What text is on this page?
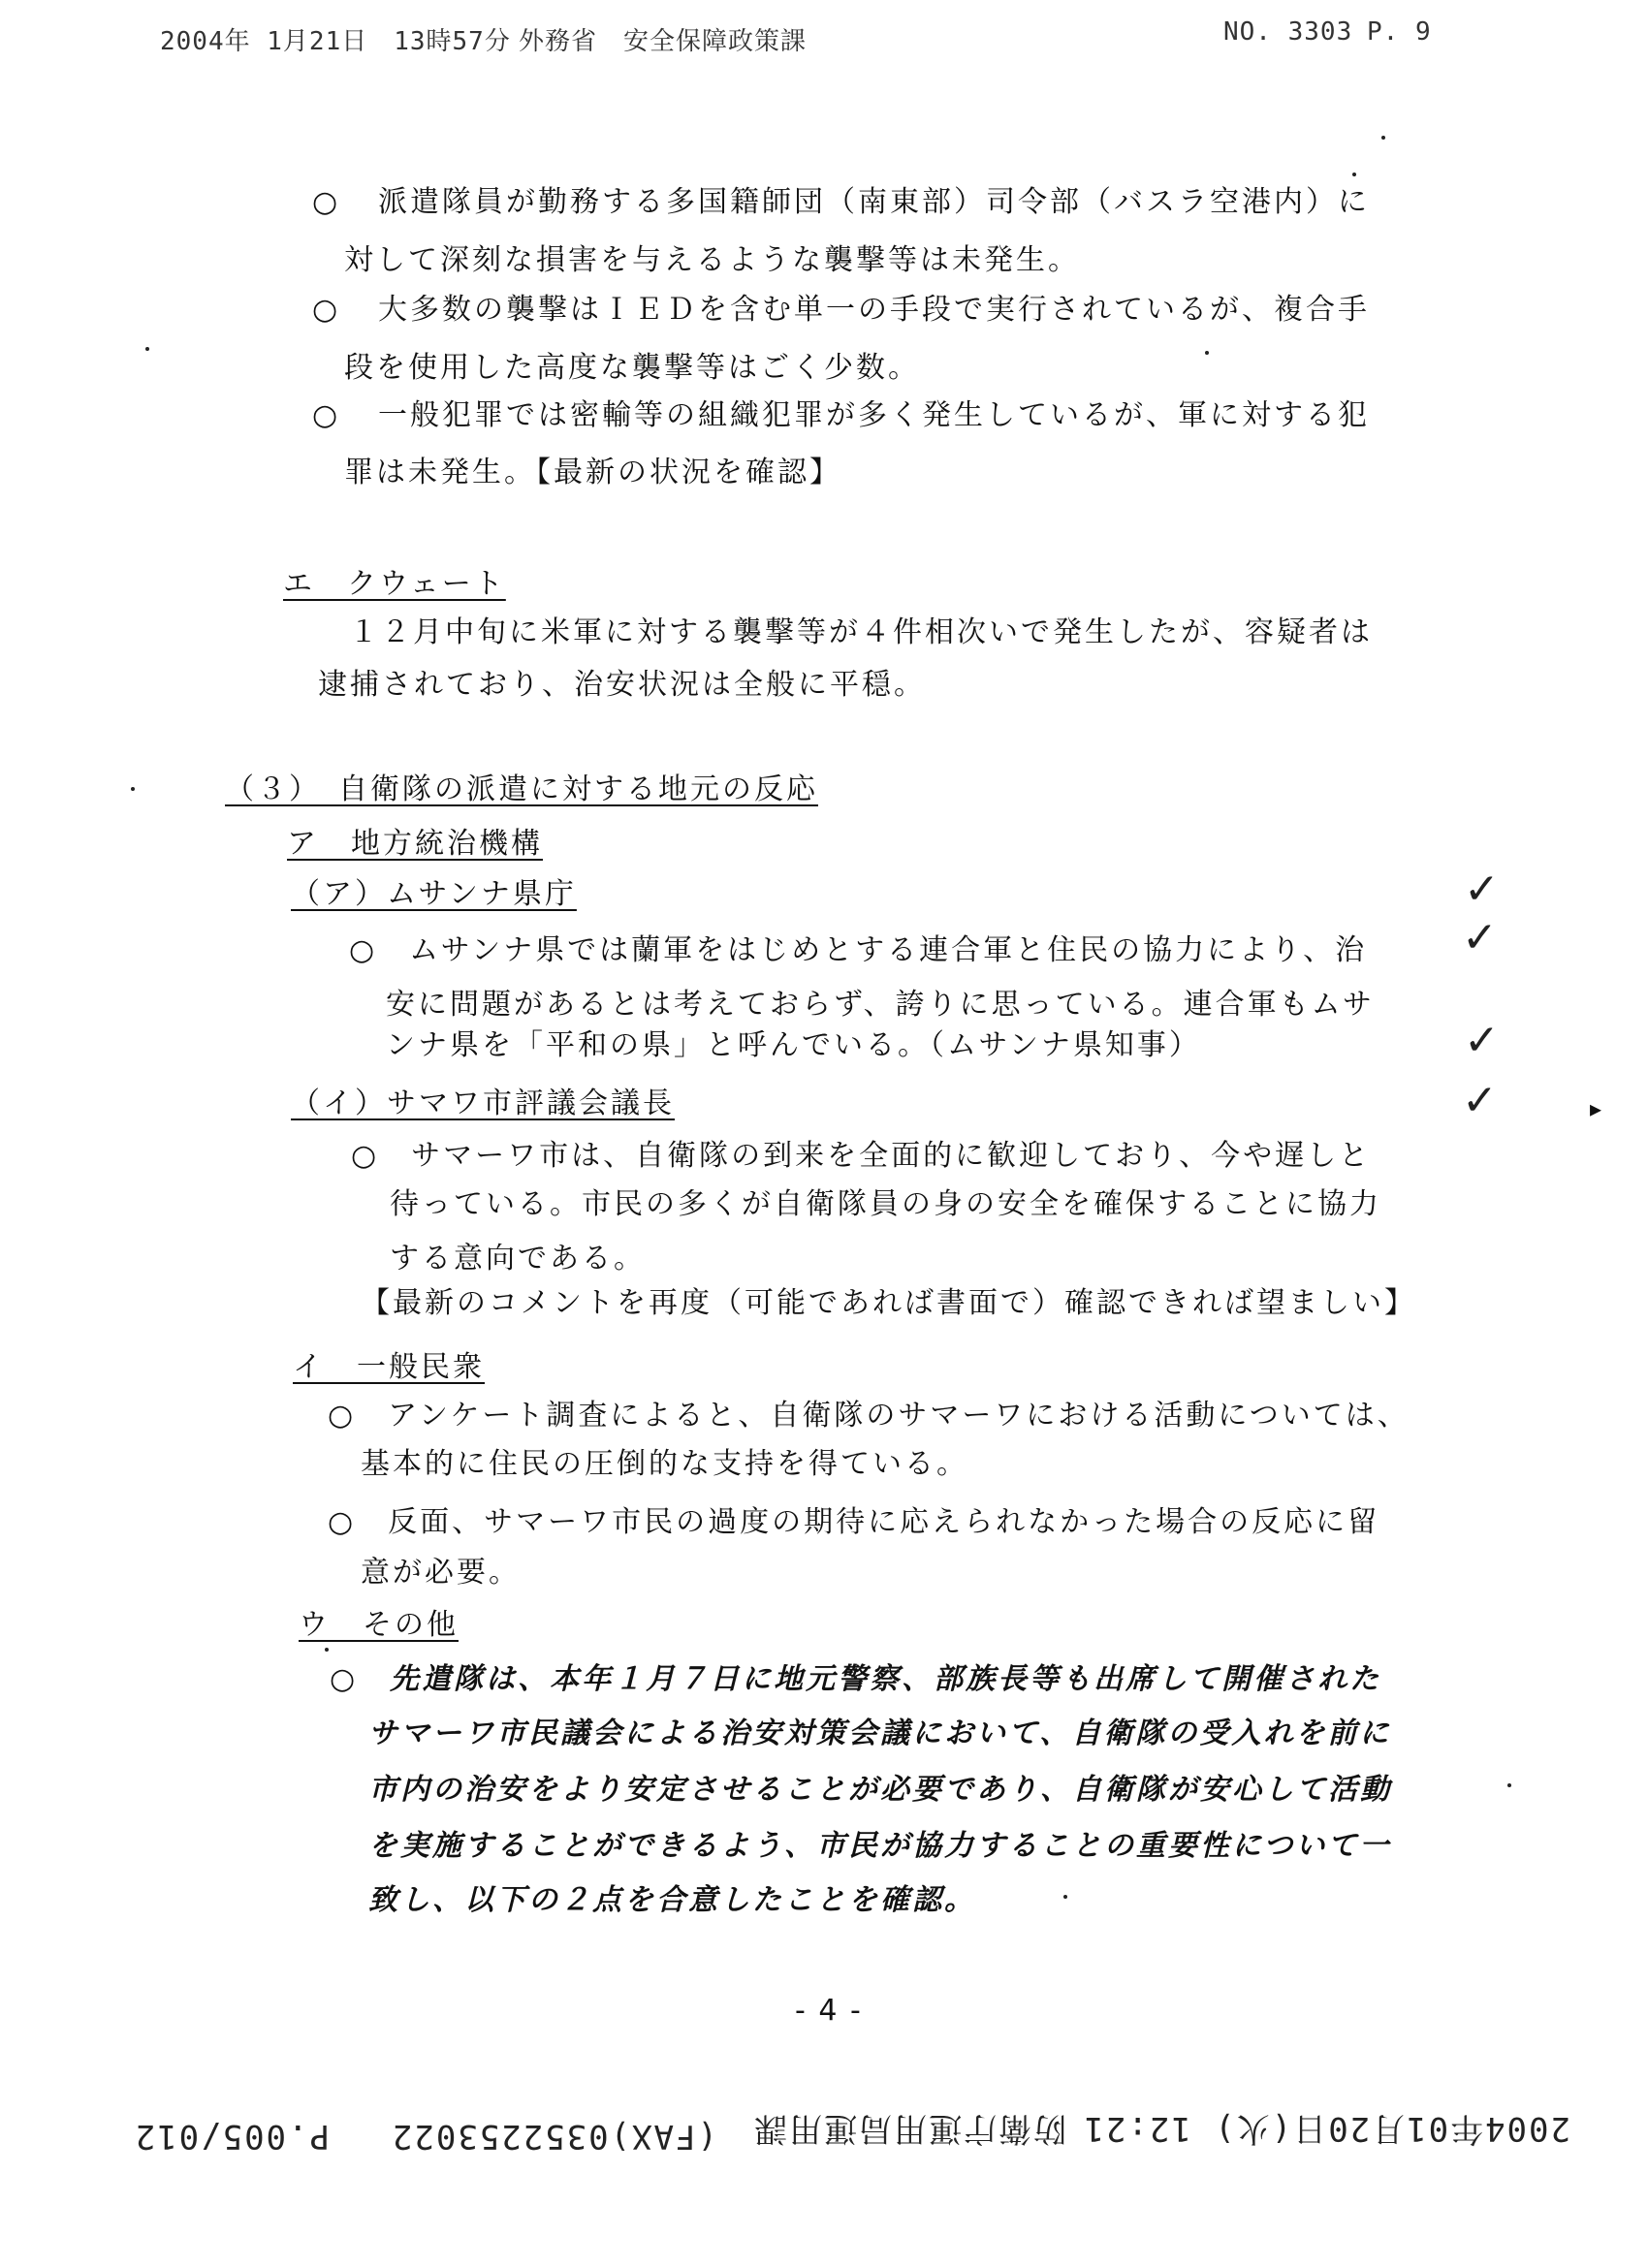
2004年 1月21日　13時57分 外務省　安全保障政策課	NO. 3303 P. 9
派遣隊員が勤務する多国籍師団（南東部）司令部（バスラ空港内）に
対して深刻な損害を与えるような襲撃等は未発生。
大多数の襲撃はＩＥＤを含む単一の手段で実行されているが、複合手
段を使用した高度な襲撃等はごく少数。
一般犯罪では密輸等の組織犯罪が多く発生しているが、軍に対する犯
罪は未発生。【最新の状況を確認】
○
○
○
エ　クウェート
１２月中旬に米軍に対する襲撃等が４件相次いで発生したが、容疑者は
逮捕されており、治安状況は全般に平穏。
（３）　自衛隊の派遣に対する地元の反応
ア　地方統治機構
（ア）ムサンナ県庁
○　ムサンナ県では蘭軍をはじめとする連合軍と住民の協力により、治
安に問題があるとは考えておらず、誇りに思っている。連合軍もムサ
ンナ県を「平和の県」と呼んでいる。（ムサンナ県知事）
（イ）サマワ市評議会議長
○　サマーワ市は、自衛隊の到来を全面的に歓迎しており、今や遅しと
待っている。市民の多くが自衛隊員の身の安全を確保することに協力
する意向である。
【最新のコメントを再度（可能であれば書面で）確認できれば望ましい】
イ　一般民衆
○　アンケート調査によると、自衛隊のサマーワにおける活動については、
基本的に住民の圧倒的な支持を得ている。
○　反面、サマーワ市民の過度の期待に応えられなかった場合の反応に留
意が必要。
ウ　その他
○　先遣隊は、本年１月７日に地元警察、部族長等も出席して開催された
サマーワ市民議会による治安対策会議において、自衛隊の受入れを前に
市内の治安をより安定させることが必要であり、自衛隊が安心して活動
を実施することができるよう、市民が協力することの重要性について一
致し、以下の２点を合意したことを確認。
- 4 -
✓
✓
✓
✓	▸
2004年01月20日(火) 12:21
防衛庁運用局運用課
(FAX)0352253022
P.005/012
